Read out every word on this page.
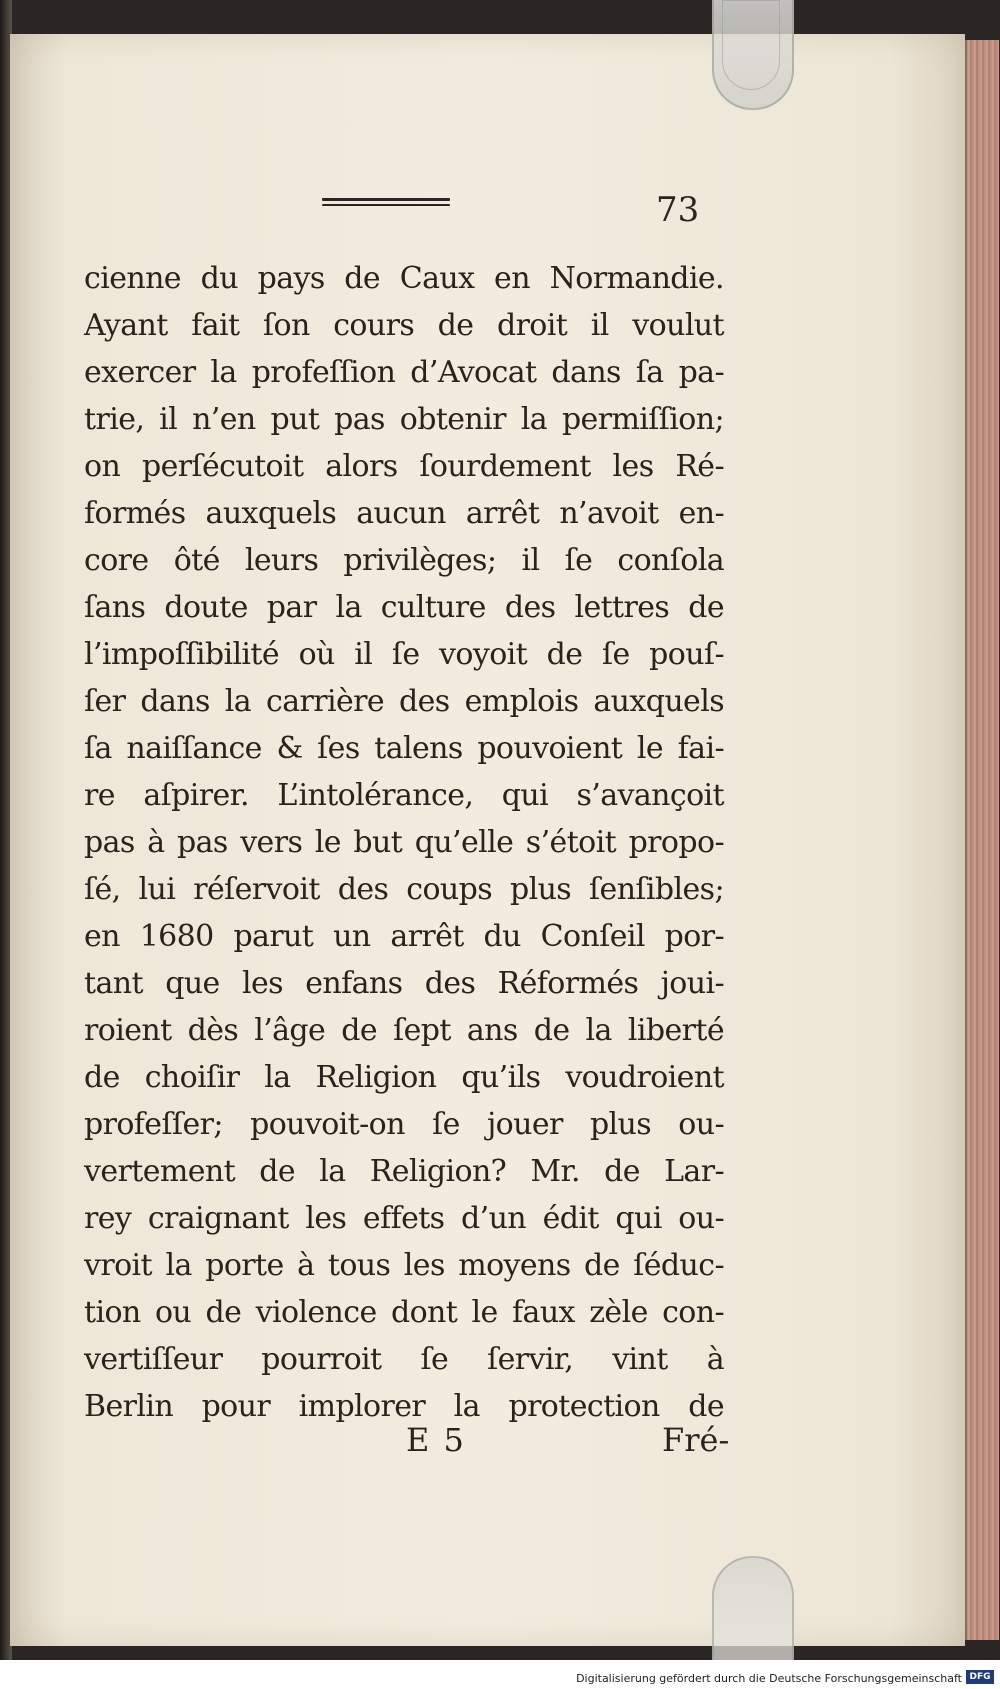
73
cienne du pays de Caux en Normandie.
Ayant fait ſon cours de droit il voulut
exercer la profeſſion d’Avocat dans ſa pa-
trie, il n’en put pas obtenir la permiſſion;
on perſécutoit alors ſourdement les Ré-
formés auxquels aucun arrêt n’avoit en-
core ôté leurs privilèges; il ſe conſola
ſans doute par la culture des lettres de
l’impoſſibilité où il ſe voyoit de ſe pouſ-
ſer dans la carrière des emplois auxquels
ſa naiſſance & ſes talens pouvoient le fai-
re aſpirer. L’intolérance, qui s’avançoit
pas à pas vers le but qu’elle s’étoit propo-
ſé, lui réſervoit des coups plus ſenſibles;
en 1680 parut un arrêt du Conſeil por-
tant que les enfans des Réformés joui-
roient dès l’âge de ſept ans de la liberté
de choiſir la Religion qu’ils voudroient
profeſſer; pouvoit-on ſe jouer plus ou-
vertement de la Religion? Mr. de Lar-
rey craignant les effets d’un édit qui ou-
vroit la porte à tous les moyens de ſéduc-
tion ou de violence dont le faux zèle con-
vertiſſeur pourroit ſe ſervir, vint à
Berlin pour implorer la protection de
E 5	Fré-
Digitalisierung gefördert durch die Deutsche Forschungsgemeinschaft DFG
